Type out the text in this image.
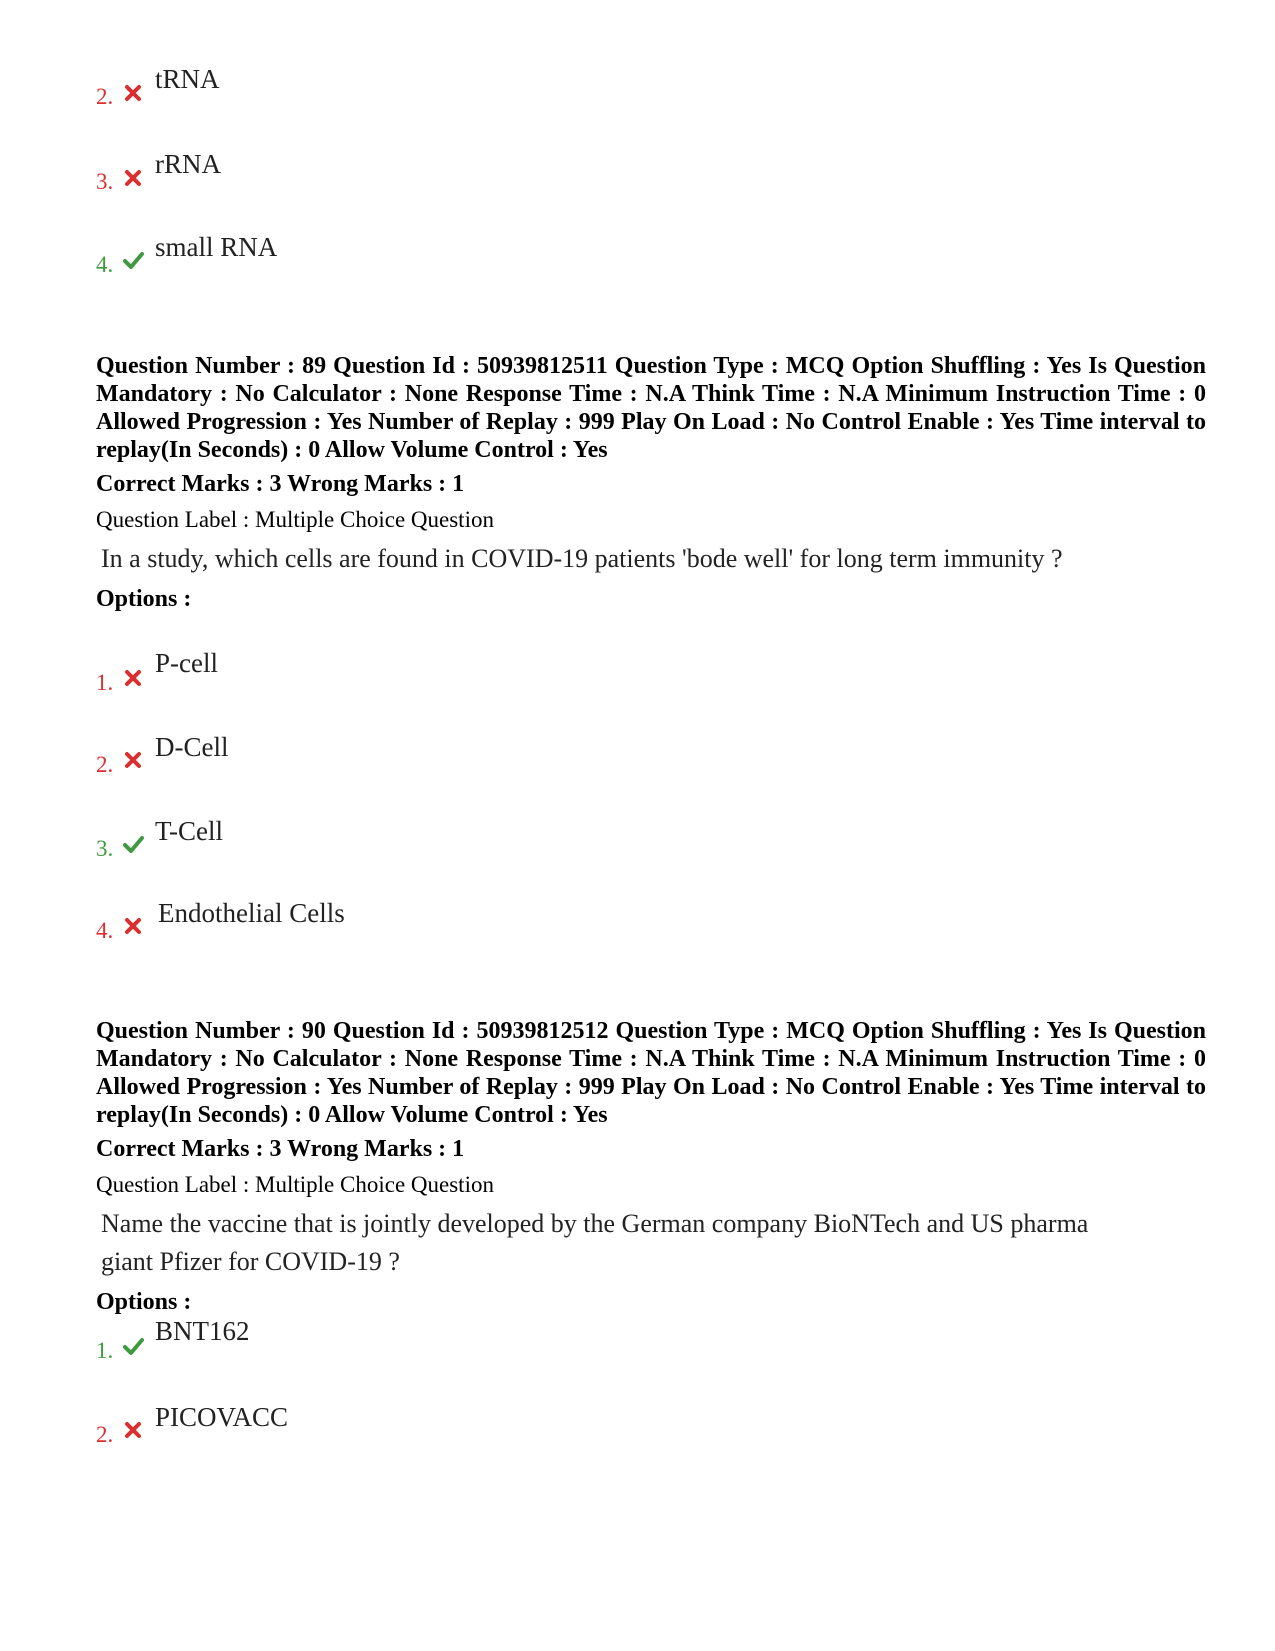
2.
tRNA
3.
rRNA
4.
small RNA
Question Number : 89 Question Id : 50939812511 Question Type : MCQ Option Shuffling : Yes Is Question Mandatory : No Calculator : None Response Time : N.A Think Time : N.A Minimum Instruction Time : 0 Allowed Progression : Yes Number of Replay : 999 Play On Load : No Control Enable : Yes Time interval to replay(In Seconds) : 0 Allow Volume Control : Yes
Correct Marks : 3 Wrong Marks : 1
Question Label : Multiple Choice Question
In a study, which cells are found in COVID-19 patients 'bode well' for long term immunity ?
Options :
1.
P-cell
2.
D-Cell
3.
T-Cell
4.
Endothelial Cells
Question Number : 90 Question Id : 50939812512 Question Type : MCQ Option Shuffling : Yes Is Question Mandatory : No Calculator : None Response Time : N.A Think Time : N.A Minimum Instruction Time : 0 Allowed Progression : Yes Number of Replay : 999 Play On Load : No Control Enable : Yes Time interval to replay(In Seconds) : 0 Allow Volume Control : Yes
Correct Marks : 3 Wrong Marks : 1
Question Label : Multiple Choice Question
Name the vaccine that is jointly developed by the German company BioNTech and US pharma giant Pfizer for COVID-19 ?
Options :
1.
BNT162
2.
PICOVACC
